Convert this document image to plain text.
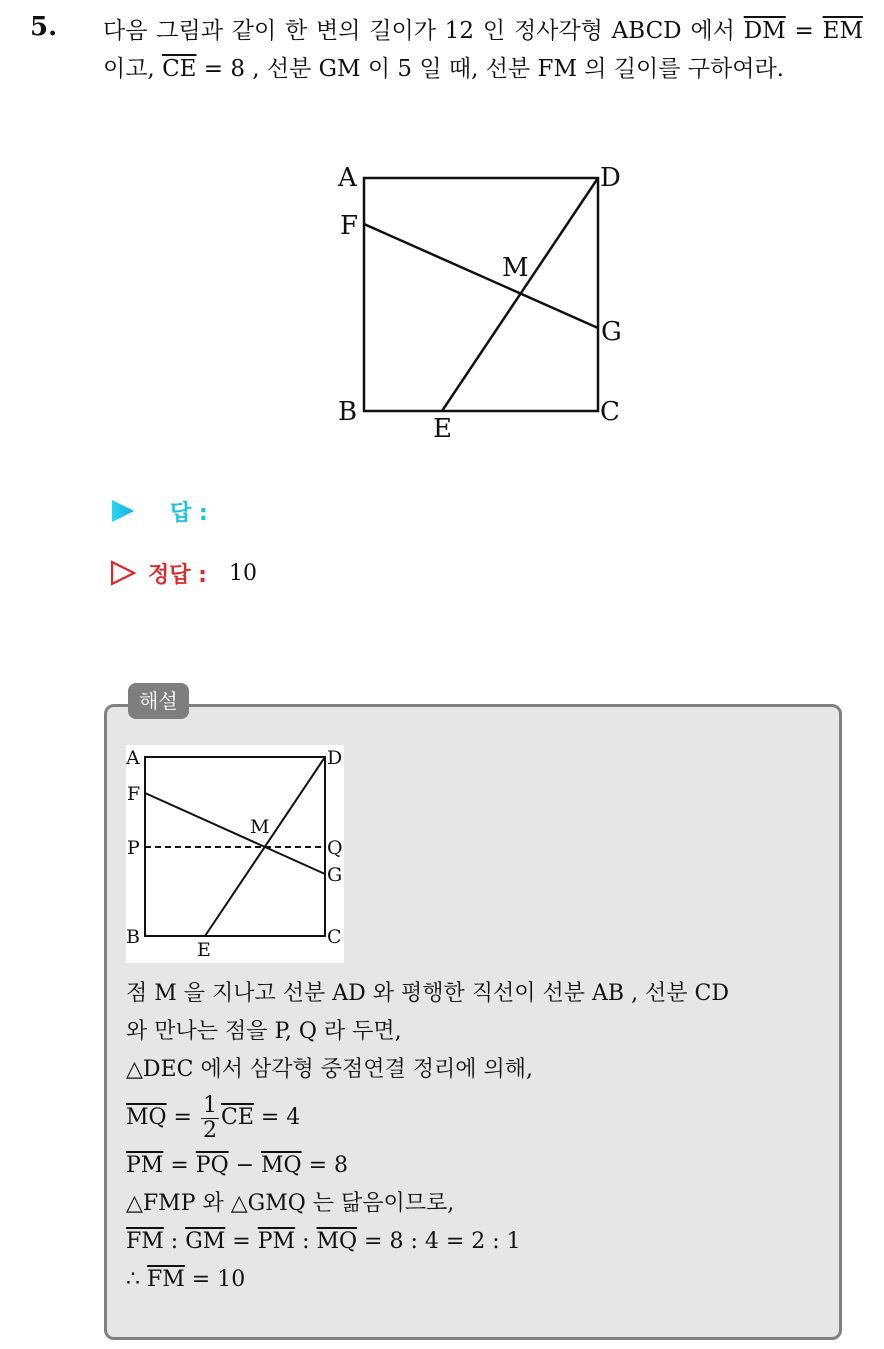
5. 다음 그림과 같이 한 변의 길이가 12 인 정사각형 ABCD 에서 $\overline{DM} = \overline{EM}$ 이고, $\overline{CE} = 8$ , 선분 GM 이 5 일 때, 선분 FM 의 길이를 구하여라.
A	D
F
M
G
B	C
E
답 :
정답 : 10
해설
A	D
F
M
P	Q
G
B	C
E
점 M 을 지나고 선분 AD 와 평행한 직선이 선분 AB , 선분 CD
와 만나는 점을 P, Q 라 두면,
△DEC 에서 삼각형 중점연결 정리에 의해,
$\overline{MQ} = \frac{1}{2} \overline{CE} = 4$
$\overline{PM} = \overline{PQ} - \overline{MQ} = 8$
△FMP 와 △GMQ 는 닮음이므로,
$\overline{FM}$ : $\overline{GM} = \overline{PM}$ : $\overline{MQ} = 8$ : 4 = 2 : 1
∴ $\overline{FM} = 10$
